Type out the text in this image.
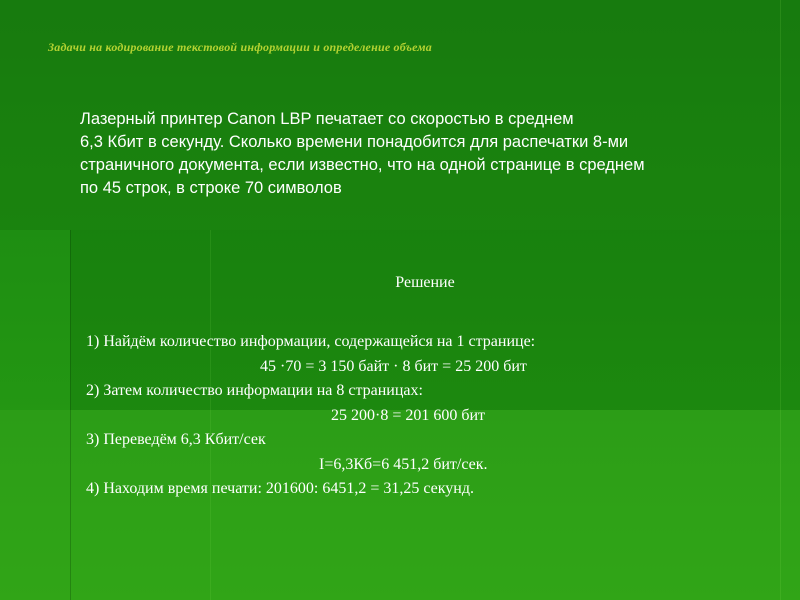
Задачи на кодирование текстовой информации и определение объема
Лазерный принтер Canon LBP печатает со скоростью в среднем
6,3 Кбит в секунду. Сколько времени понадобится для распечатки 8-ми
страничного документа, если известно, что на одной странице в среднем
по 45 строк, в строке 70 символов
Решение
1) Найдём количество информации, содержащейся на 1 странице:
45 ·70 = 3 150 байт · 8 бит = 25 200 бит
2) Затем количество информации на 8 страницах:
25 200·8 = 201 600 бит
3) Переведём 6,3 Кбит/сек
I=6,3Кб=6 451,2 бит/сек.
4) Находим время печати: 201600: 6451,2 = 31,25 секунд.
